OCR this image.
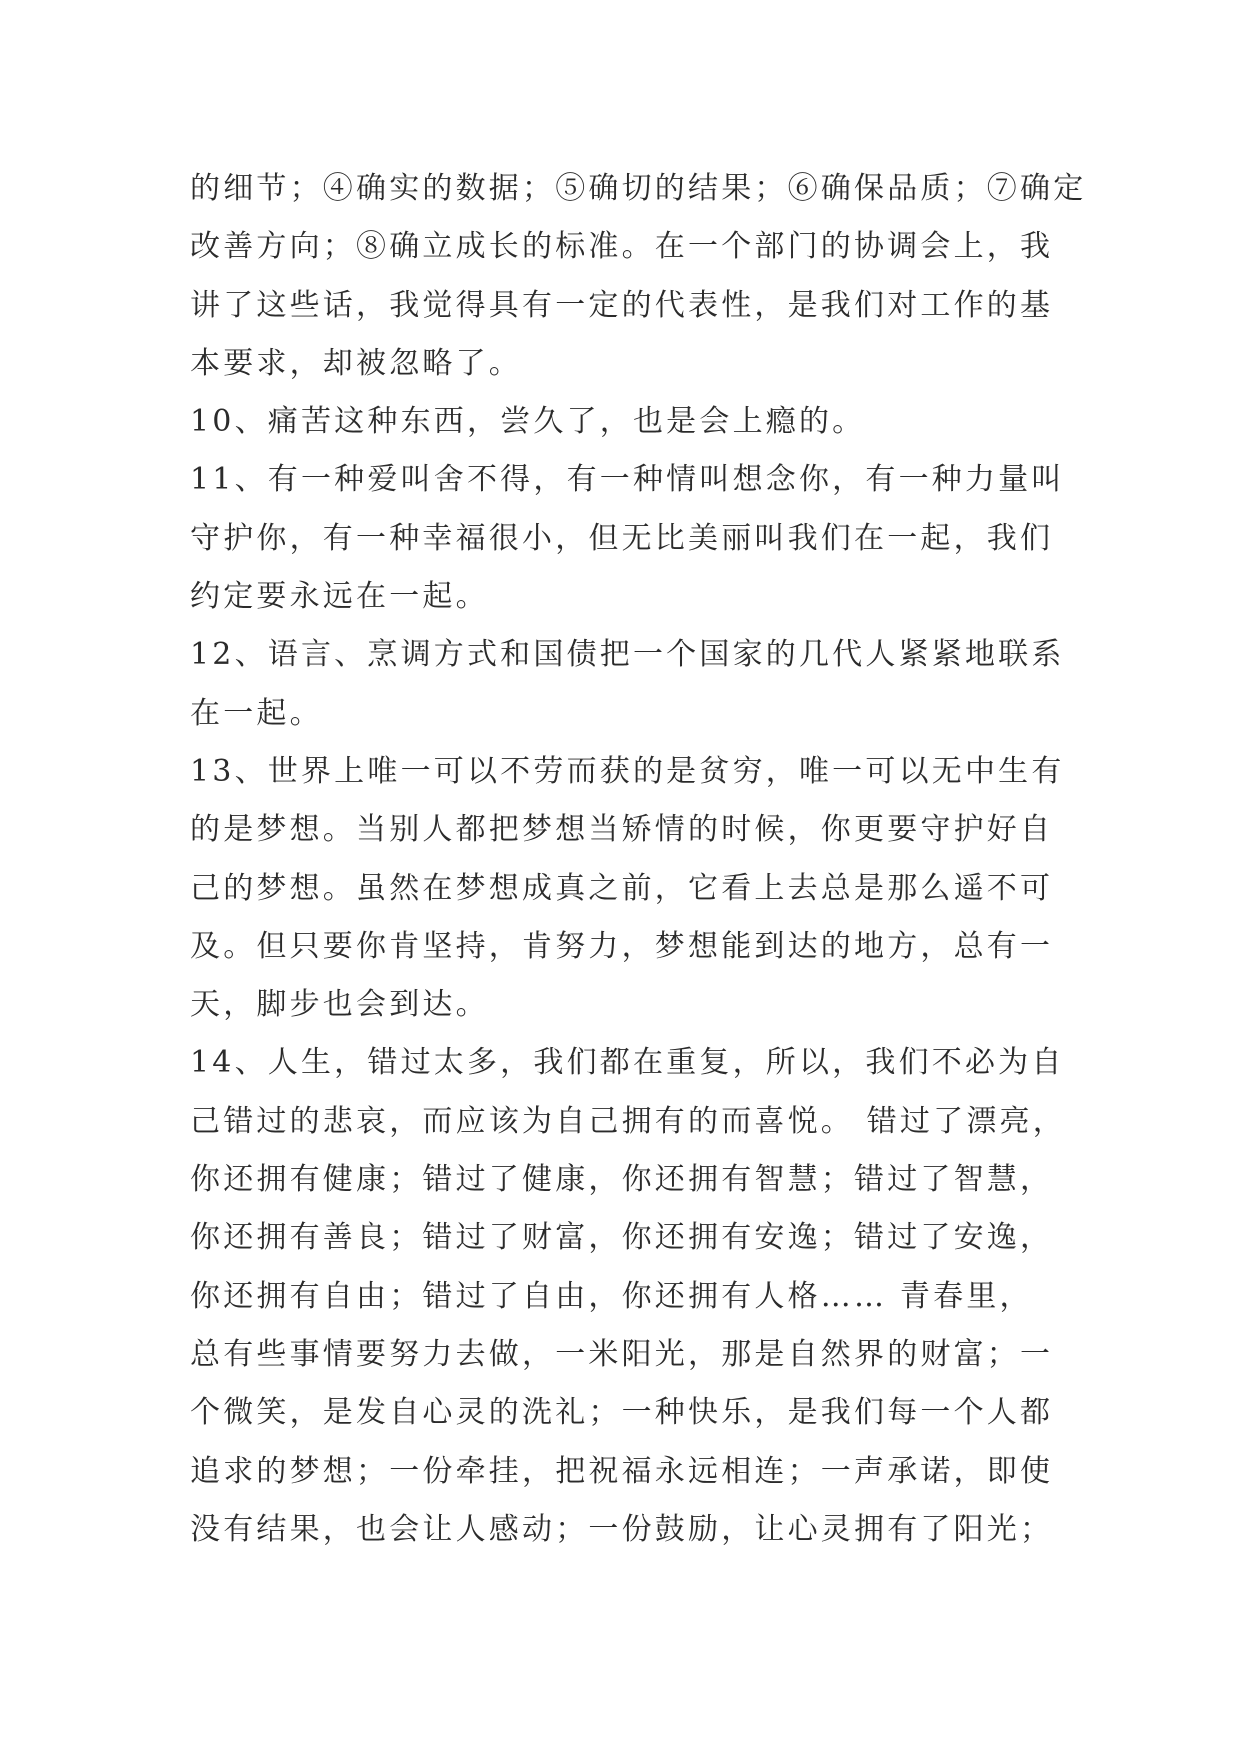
的细节；④确实的数据；⑤确切的结果；⑥确保品质；⑦确定
改善方向；⑧确立成长的标准。在一个部门的协调会上，我
讲了这些话，我觉得具有一定的代表性，是我们对工作的基
本要求，却被忽略了。
10、痛苦这种东西，尝久了，也是会上瘾的。
11、有一种爱叫舍不得，有一种情叫想念你，有一种力量叫
守护你，有一种幸福很小，但无比美丽叫我们在一起，我们
约定要永远在一起。
12、语言、烹调方式和国债把一个国家的几代人紧紧地联系
在一起。
13、世界上唯一可以不劳而获的是贫穷，唯一可以无中生有
的是梦想。当别人都把梦想当矫情的时候，你更要守护好自
己的梦想。虽然在梦想成真之前，它看上去总是那么遥不可
及。但只要你肯坚持，肯努力，梦想能到达的地方，总有一
天，脚步也会到达。
14、人生，错过太多，我们都在重复，所以，我们不必为自
己错过的悲哀，而应该为自己拥有的而喜悦。 错过了漂亮，
你还拥有健康；错过了健康，你还拥有智慧；错过了智慧，
你还拥有善良；错过了财富，你还拥有安逸；错过了安逸，
你还拥有自由；错过了自由，你还拥有人格…… 青春里，
总有些事情要努力去做，一米阳光，那是自然界的财富；一
个微笑，是发自心灵的洗礼；一种快乐，是我们每一个人都
追求的梦想；一份牵挂，把祝福永远相连；一声承诺，即使
没有结果，也会让人感动；一份鼓励，让心灵拥有了阳光；
